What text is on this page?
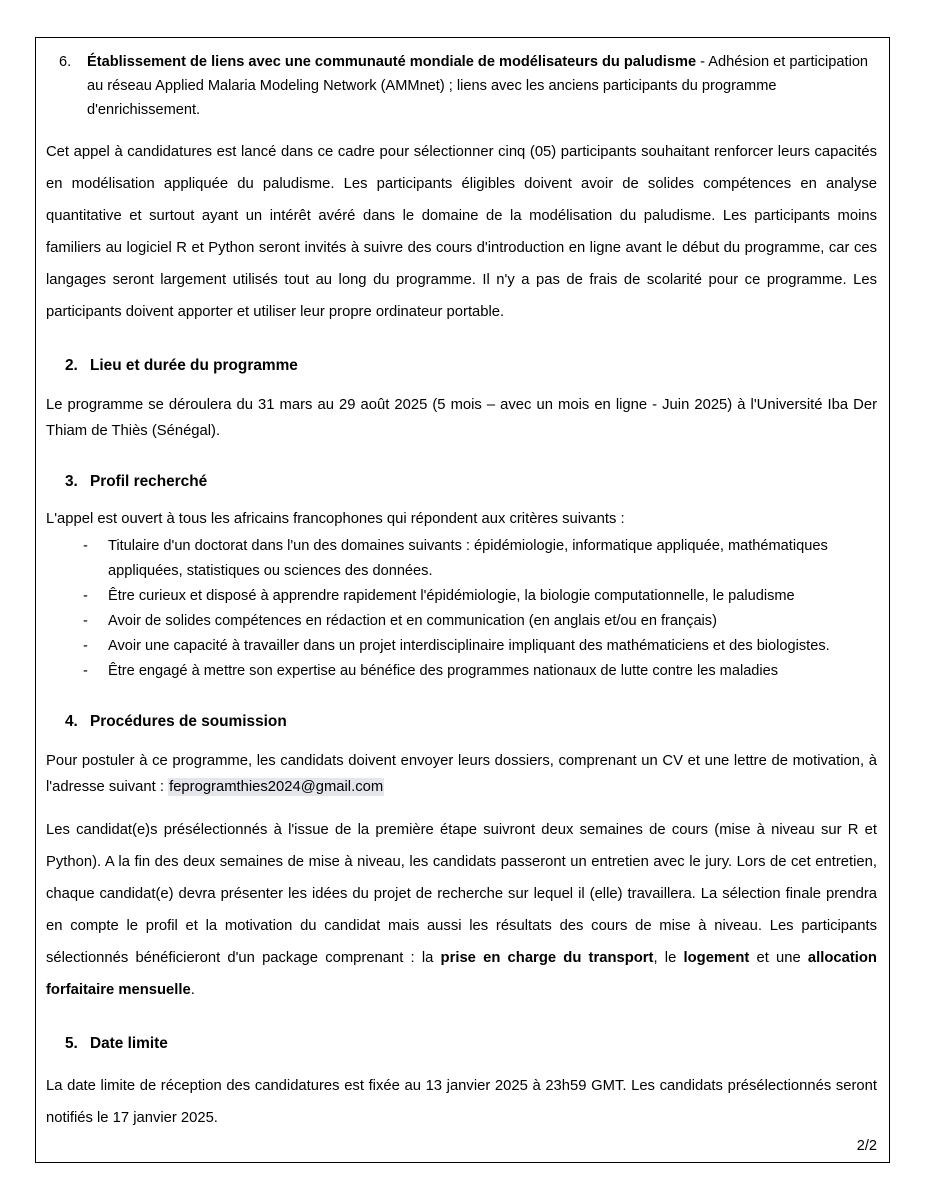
6.	Établissement de liens avec une communauté mondiale de modélisateurs du paludisme - Adhésion et participation au réseau Applied Malaria Modeling Network (AMMnet) ; liens avec les anciens participants du programme d'enrichissement.

Cet appel à candidatures est lancé dans ce cadre pour sélectionner cinq (05) participants souhaitant renforcer leurs capacités en modélisation appliquée du paludisme. Les participants éligibles doivent avoir de solides compétences en analyse quantitative et surtout ayant un intérêt avéré dans le domaine de la modélisation du paludisme. Les participants moins familiers au logiciel R et Python seront invités à suivre des cours d'introduction en ligne avant le début du programme, car ces langages seront largement utilisés tout au long du programme. Il n'y a pas de frais de scolarité pour ce programme. Les participants doivent apporter et utiliser leur propre ordinateur portable.

2. Lieu et durée du programme

Le programme se déroulera du 31 mars au 29 août 2025 (5 mois – avec un mois en ligne - Juin 2025) à l'Université Iba Der Thiam de Thiès (Sénégal).

3. Profil recherché

L'appel est ouvert à tous les africains francophones qui répondent aux critères suivants :

-	Titulaire d'un doctorat dans l'un des domaines suivants : épidémiologie, informatique appliquée, mathématiques appliquées, statistiques ou sciences des données.
-	Être curieux et disposé à apprendre rapidement l'épidémiologie, la biologie computationnelle, le paludisme
-	Avoir de solides compétences en rédaction et en communication (en anglais et/ou en français)
-	Avoir une capacité à travailler dans un projet interdisciplinaire impliquant des mathématiciens et des biologistes.
-	Être engagé à mettre son expertise au bénéfice des programmes nationaux de lutte contre les maladies
4. Procédures de soumission

Pour postuler à ce programme, les candidats doivent envoyer leurs dossiers, comprenant un CV et une lettre de motivation, à l'adresse suivant : feprogramthies2024@gmail.com

Les candidat(e)s présélectionnés à l'issue de la première étape suivront deux semaines de cours (mise à niveau sur R et Python). A la fin des deux semaines de mise à niveau, les candidats passeront un entretien avec le jury. Lors de cet entretien, chaque candidat(e) devra présenter les idées du projet de recherche sur lequel il (elle) travaillera. La sélection finale prendra en compte le profil et la motivation du candidat mais aussi les résultats des cours de mise à niveau. Les participants sélectionnés bénéficieront d'un package comprenant : la prise en charge du transport, le logement et une allocation forfaitaire mensuelle.

5. Date limite

La date limite de réception des candidatures est fixée au 13 janvier 2025 à 23h59 GMT. Les candidats présélectionnés seront notifiés le 17 janvier 2025.

2/2
